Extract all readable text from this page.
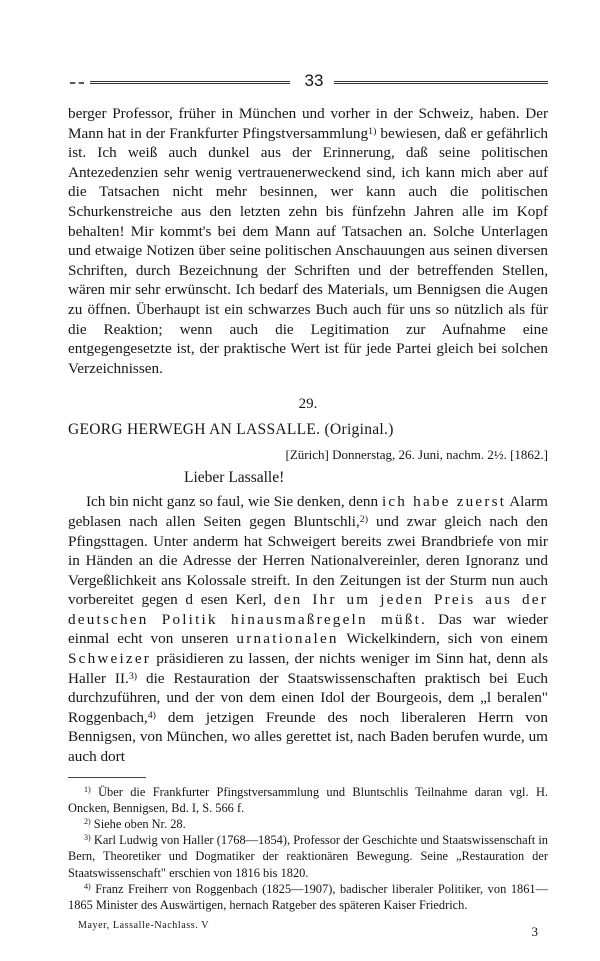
33

berger Professor, früher in München und vorher in der Schweiz, haben. Der Mann hat in der Frankfurter Pfingstversammlung$^{1)}$ bewiesen, daß er gefährlich ist. Ich weiß auch dunkel aus der Erinnerung, daß seine politischen Antezedenzien sehr wenig vertrauenerweckend sind, ich kann mich aber auf die Tatsachen nicht mehr besinnen, wer kann auch die politischen Schurkenstreiche aus den letzten zehn bis fünfzehn Jahren alle im Kopf behalten! Mir kommt's bei dem Mann auf Tatsachen an. Solche Unterlagen und etwaige Notizen über seine politischen Anschauungen aus seinen diversen Schriften, durch Bezeichnung der Schriften und der betreffenden Stellen, wären mir sehr erwünscht. Ich bedarf des Materials, um Bennigsen die Augen zu öffnen. Überhaupt ist ein schwarzes Buch auch für uns so nützlich als für die Reaktion; wenn auch die Legitimation zur Aufnahme eine entgegengesetzte ist, der praktische Wert ist für jede Partei gleich bei solchen Verzeichnissen.

29.
GEORG HERWEGH AN LASSALLE. (Original.)
[Zürich] Donnerstag, 26. Juni, nachm. 2½. [1862.]
Lieber Lassalle!

Ich bin nicht ganz so faul, wie Sie denken, denn ich habe zuerst Alarm geblasen nach allen Seiten gegen Bluntschli,$^{2)}$ und zwar gleich nach den Pfingsttagen. Unter anderm hat Schweigert bereits zwei Brandbriefe von mir in Händen an die Adresse der Herren Nationalvereinler, deren Ignoranz und Vergeßlichkeit ans Kolossale streift. In den Zeitungen ist der Sturm nun auch vorbereitet gegen d esen Kerl, den Ihr um jeden Preis aus der deutschen Politik hinausmaßregeln müßt. Das war wieder einmal echt von unseren urnationalen Wickelkindern, sich von einem Schweizer präsidieren zu lassen, der nichts weniger im Sinn hat, denn als Haller II.$^{3)}$ die Restauration der Staatswissenschaften praktisch bei Euch durchzuführen, und der von dem einen Idol der Bourgeois, dem „l beralen" Roggenbach,$^{4)}$ dem jetzigen Freunde des noch liberaleren Herrn von Bennigsen, von München, wo alles gerettet ist, nach Baden berufen wurde, um auch dort

$^{1)}$ Über die Frankfurter Pfingstversammlung und Bluntschlis Teilnahme daran vgl. H. Oncken, Bennigsen, Bd. I, S. 566 f.

$^{2)}$ Siehe oben Nr. 28.

$^{3)}$ Karl Ludwig von Haller (1768—1854), Professor der Geschichte und Staatswissenschaft in Bern, Theoretiker und Dogmatiker der reaktionären Bewegung. Seine „Restauration der Staatswissenschaft" erschien von 1816 bis 1820.

$^{4)}$ Franz Freiherr von Roggenbach (1825—1907), badischer liberaler Politiker, von 1861—1865 Minister des Auswärtigen, hernach Ratgeber des späteren Kaiser Friedrich.

Mayer, Lassalle-Nachlass. V	3
